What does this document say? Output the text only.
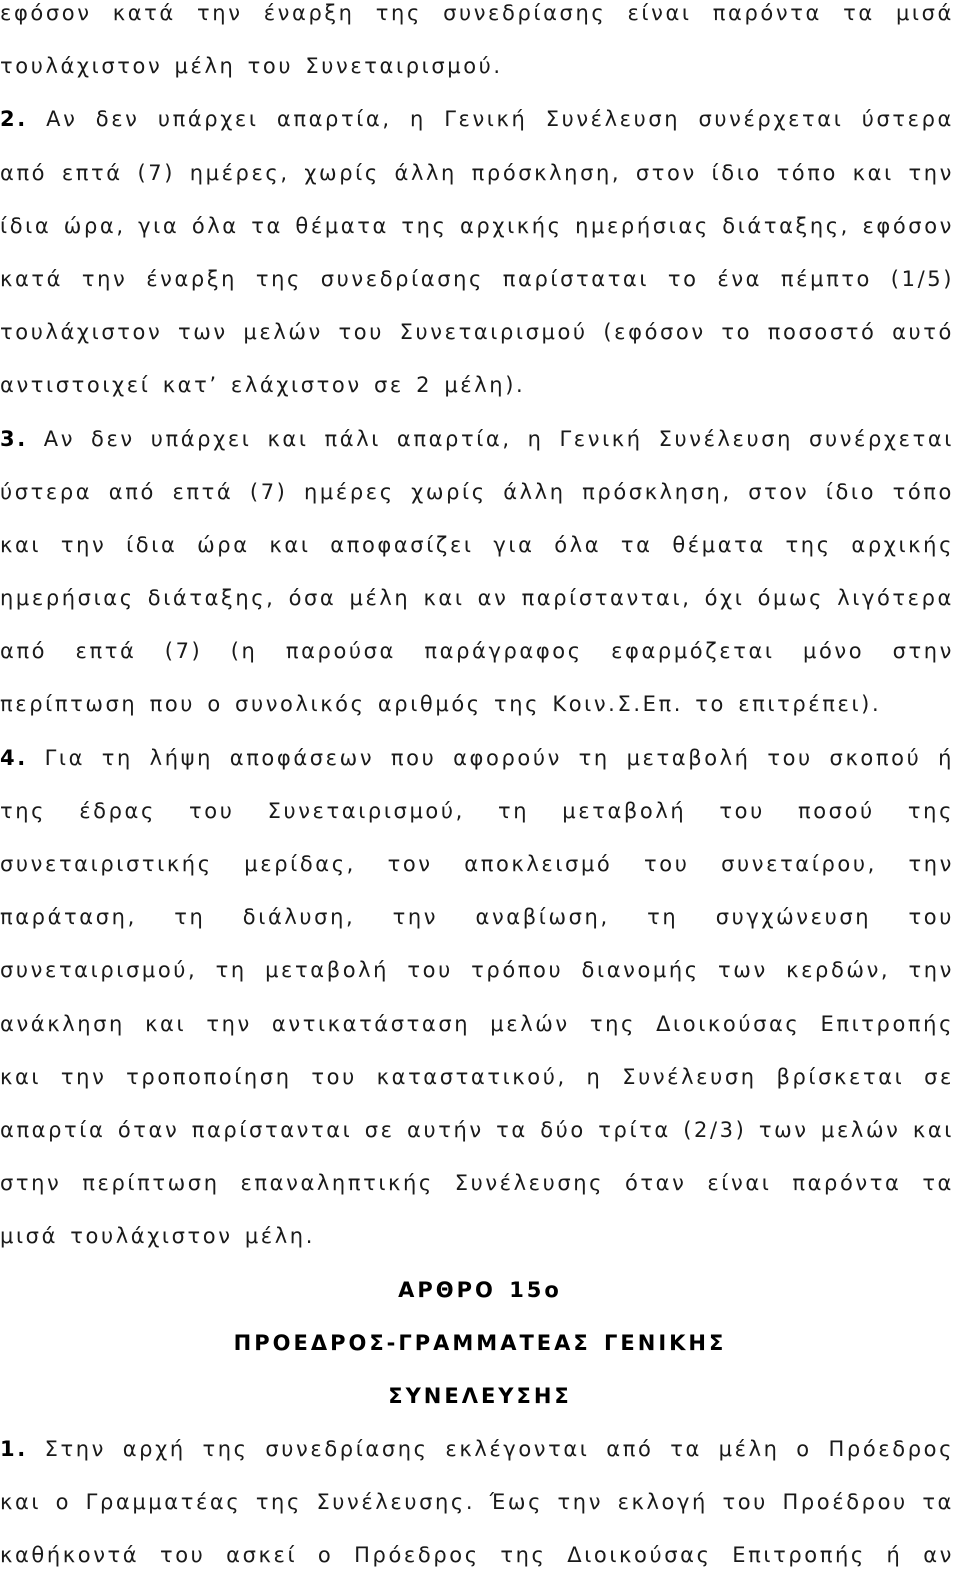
εφόσον κατά την έναρξη της συνεδρίασης είναι παρόντα τα μισά
τουλάχιστον μέλη του Συνεταιρισμού.
2. Αν δεν υπάρχει απαρτία, η Γενική Συνέλευση συνέρχεται ύστερα
από επτά (7) ημέρες, χωρίς άλλη πρόσκληση, στον ίδιο τόπο και την
ίδια ώρα, για όλα τα θέματα της αρχικής ημερήσιας διάταξης, εφόσον
κατά την έναρξη της συνεδρίασης παρίσταται το ένα πέμπτο (1/5)
τουλάχιστον των μελών του Συνεταιρισμού (εφόσον το ποσοστό αυτό
αντιστοιχεί κατ’ ελάχιστον σε 2 μέλη).
3. Αν δεν υπάρχει και πάλι απαρτία, η Γενική Συνέλευση συνέρχεται
ύστερα από επτά (7) ημέρες χωρίς άλλη πρόσκληση, στον ίδιο τόπο
και την ίδια ώρα και αποφασίζει για όλα τα θέματα της αρχικής
ημερήσιας διάταξης, όσα μέλη και αν παρίστανται, όχι όμως λιγότερα
από επτά (7) (η παρούσα παράγραφος εφαρμόζεται μόνο στην
περίπτωση που ο συνολικός αριθμός της Κοιν.Σ.Επ. το επιτρέπει).
4. Για τη λήψη αποφάσεων που αφορούν τη μεταβολή του σκοπού ή
της έδρας του Συνεταιρισμού, τη μεταβολή του ποσού της
συνεταιριστικής μερίδας, τον αποκλεισμό του συνεταίρου, την
παράταση, τη διάλυση, την αναβίωση, τη συγχώνευση του
συνεταιρισμού, τη μεταβολή του τρόπου διανομής των κερδών, την
ανάκληση και την αντικατάσταση μελών της Διοικούσας Επιτροπής
και την τροποποίηση του καταστατικού, η Συνέλευση βρίσκεται σε
απαρτία όταν παρίστανται σε αυτήν τα δύο τρίτα (2/3) των μελών και
στην περίπτωση επαναληπτικής Συνέλευσης όταν είναι παρόντα τα
μισά τουλάχιστον μέλη.
ΑΡΘΡΟ 15ο
ΠΡΟΕΔΡΟΣ-ΓΡΑΜΜΑΤΕΑΣ ΓΕΝΙΚΗΣ
ΣΥΝΕΛΕΥΣΗΣ
1. Στην αρχή της συνεδρίασης εκλέγονται από τα μέλη ο Πρόεδρος
και ο Γραμματέας της Συνέλευσης. Έως την εκλογή του Προέδρου τα
καθήκοντά του ασκεί ο Πρόεδρος της Διοικούσας Επιτροπής ή αν
